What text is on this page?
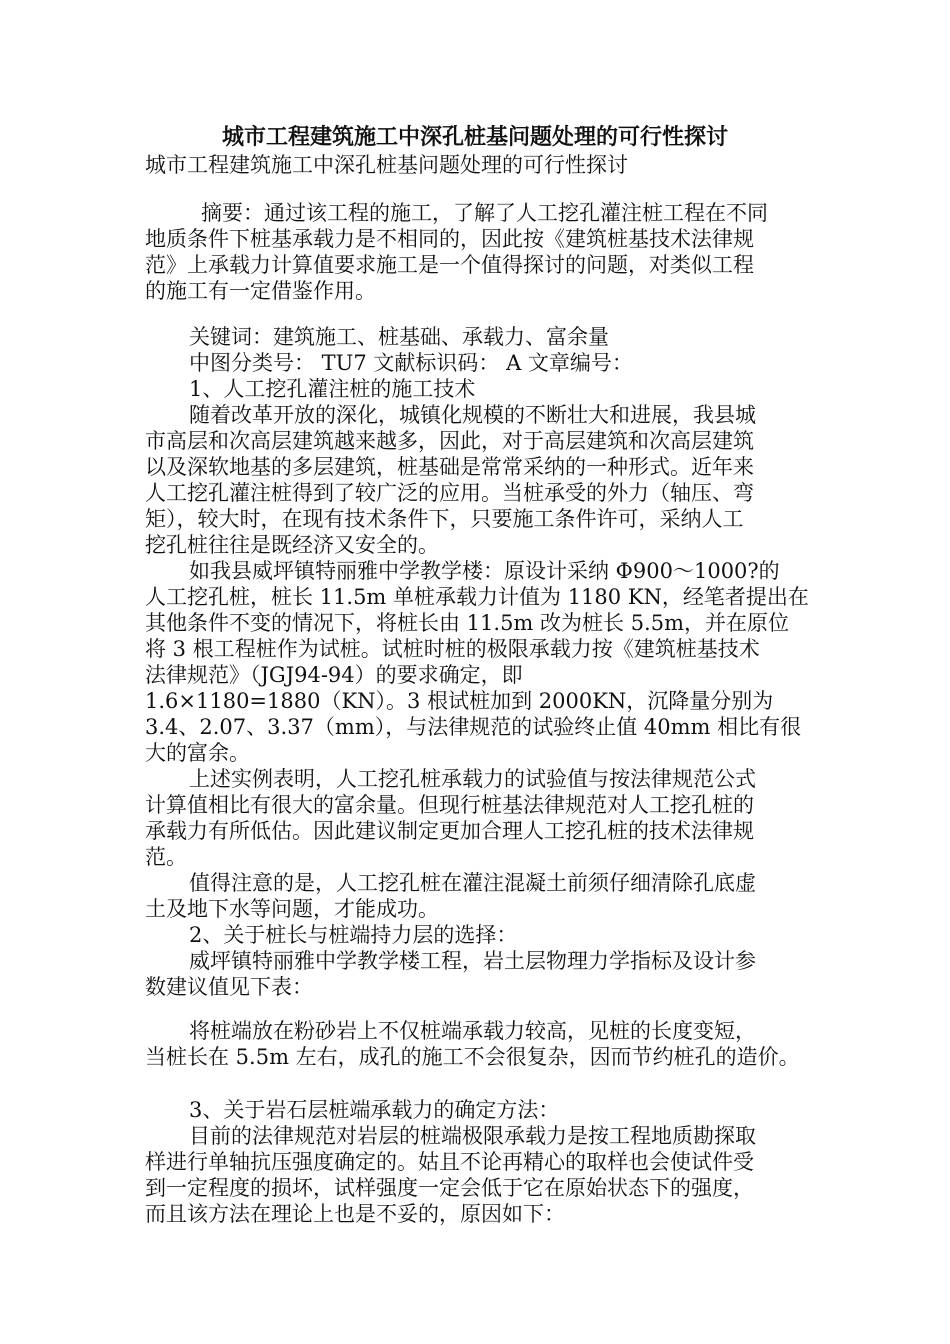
城市工程建筑施工中深孔桩基问题处理的可行性探讨
城市工程建筑施工中深孔桩基问题处理的可行性探讨
摘要：通过该工程的施工，了解了人工挖孔灌注桩工程在不同
地质条件下桩基承载力是不相同的，因此按《建筑桩基技术法律规
范》上承载力计算值要求施工是一个值得探讨的问题，对类似工程
的施工有一定借鉴作用。
关键词：建筑施工、桩基础、承载力、富余量
中图分类号： TU7 文献标识码： A 文章编号：
1、人工挖孔灌注桩的施工技术
随着改革开放的深化，城镇化规模的不断壮大和进展，我县城
市高层和次高层建筑越来越多，因此，对于高层建筑和次高层建筑
以及深软地基的多层建筑，桩基础是常常采纳的一种形式。近年来
人工挖孔灌注桩得到了较广泛的应用。当桩承受的外力（轴压、弯
矩），较大时，在现有技术条件下，只要施工条件许可，采纳人工
挖孔桩往往是既经济又安全的。
如我县威坪镇特丽雅中学教学楼：原设计采纳 Φ900～1000?的
人工挖孔桩，桩长 11.5m 单桩承载力计值为 1180 KN，经笔者提出在
其他条件不变的情况下，将桩长由 11.5m 改为桩长 5.5m，并在原位
将 3 根工程桩作为试桩。试桩时桩的极限承载力按《建筑桩基技术
法律规范》（JGJ94-94）的要求确定，即
1.6×1180=1880（KN）。3 根试桩加到 2000KN，沉降量分别为
3.4、2.07、3.37（mm），与法律规范的试验终止值 40mm 相比有很
大的富余。
上述实例表明，人工挖孔桩承载力的试验值与按法律规范公式
计算值相比有很大的富余量。但现行桩基法律规范对人工挖孔桩的
承载力有所低估。因此建议制定更加合理人工挖孔桩的技术法律规
范。
值得注意的是，人工挖孔桩在灌注混凝土前须仔细清除孔底虚
土及地下水等问题，才能成功。
2、关于桩长与桩端持力层的选择：
威坪镇特丽雅中学教学楼工程，岩土层物理力学指标及设计参
数建议值见下表：
将桩端放在粉砂岩上不仅桩端承载力较高，见桩的长度变短，
当桩长在 5.5m 左右，成孔的施工不会很复杂，因而节约桩孔的造价。
3、关于岩石层桩端承载力的确定方法：
目前的法律规范对岩层的桩端极限承载力是按工程地质勘探取
样进行单轴抗压强度确定的。姑且不论再精心的取样也会使试件受
到一定程度的损坏，试样强度一定会低于它在原始状态下的强度，
而且该方法在理论上也是不妥的，原因如下：
